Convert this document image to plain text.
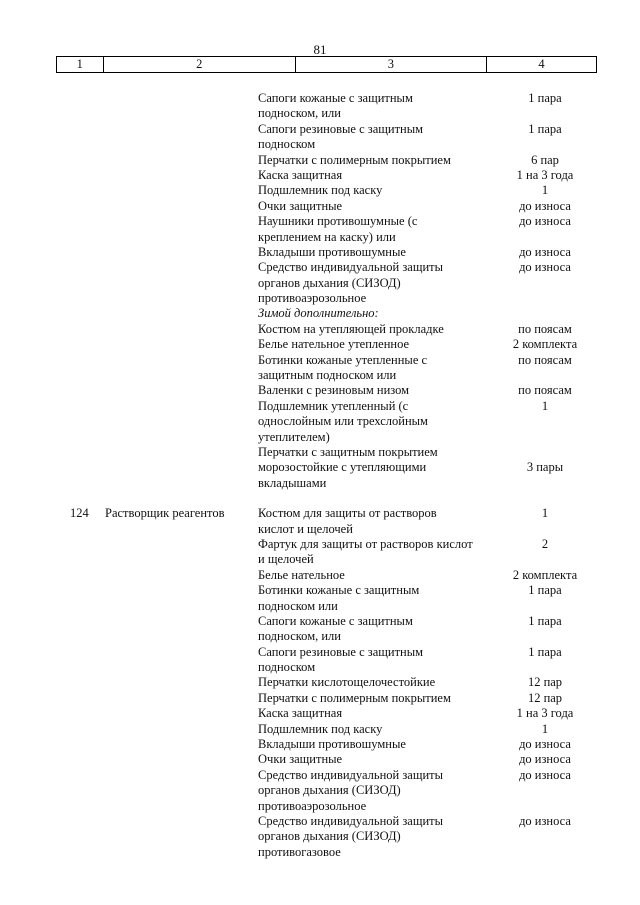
81
1	2	3	4
Сапоги кожаные с защитным	1 пара
подноском, или
Сапоги резиновые с защитным	1 пара
подноском
Перчатки с полимерным покрытием	6 пар
Каска защитная	1 на 3 года
Подшлемник под каску	1
Очки защитные	до износа
Наушники противошумные (с	до износа
креплением на каску) или
Вкладыши противошумные	до износа
Средство индивидуальной защиты	до износа
органов дыхания (СИЗОД)
противоаэрозольное
Зимой дополнительно:
Костюм на утепляющей прокладке	по поясам
Белье нательное утепленное	2 комплекта
Ботинки кожаные утепленные с	по поясам
защитным подноском или
Валенки с резиновым низом	по поясам
Подшлемник утепленный (с	1
однослойным или трехслойным
утеплителем)
Перчатки с защитным покрытием
морозостойкие с утепляющими	3 пары
вкладышами
124 Растворщик реагентов	Костюм для защиты от растворов	1
кислот и щелочей
Фартук для защиты от растворов кислот	2
и щелочей
Белье нательное	2 комплекта
Ботинки кожаные с защитным	1 пара
подноском или
Сапоги кожаные с защитным	1 пара
подноском, или
Сапоги резиновые с защитным	1 пара
подноском
Перчатки кислотощелочестойкие	12 пар
Перчатки с полимерным покрытием	12 пар
Каска защитная	1 на 3 года
Подшлемник под каску	1
Вкладыши противошумные	до износа
Очки защитные	до износа
Средство индивидуальной защиты	до износа
органов дыхания (СИЗОД)
противоаэрозольное
Средство индивидуальной защиты	до износа
органов дыхания (СИЗОД)
противогазовое
